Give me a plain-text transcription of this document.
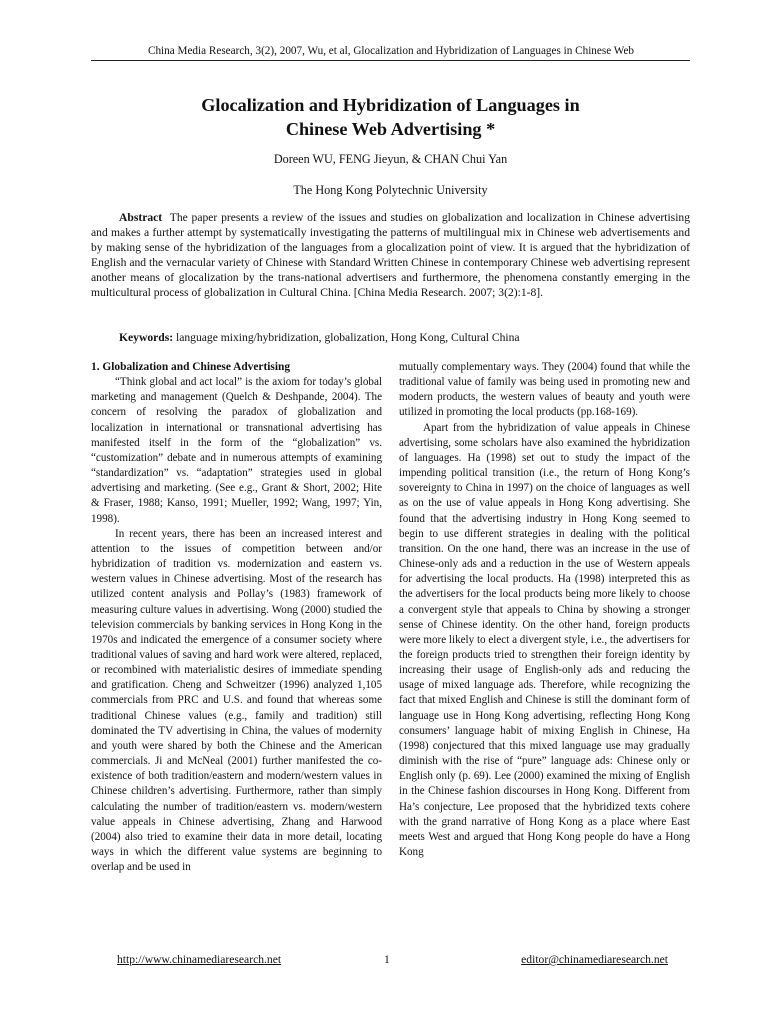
China Media Research, 3(2), 2007, Wu, et al, Glocalization and Hybridization of Languages in Chinese Web
Glocalization and Hybridization of Languages in
Chinese Web Advertising *
Doreen WU, FENG Jieyun, & CHAN Chui Yan
The Hong Kong Polytechnic University

Abstract The paper presents a review of the issues and studies on globalization and localization in Chinese advertising and makes a further attempt by systematically investigating the patterns of multilingual mix in Chinese web advertisements and by making sense of the hybridization of the languages from a glocalization point of view. It is argued that the hybridization of English and the vernacular variety of Chinese with Standard Written Chinese in contemporary Chinese web advertising represent another means of glocalization by the trans-national advertisers and furthermore, the phenomena constantly emerging in the multicultural process of globalization in Cultural China. [China Media Research. 2007; 3(2):1-8].

Keywords: language mixing/hybridization, globalization, Hong Kong, Cultural China

1. Globalization and Chinese Advertising

“Think global and act local” is the axiom for today’s global marketing and management (Quelch & Deshpande, 2004). The concern of resolving the paradox of globalization and localization in international or transnational advertising has manifested itself in the form of the “globalization” vs. “customization” debate and in numerous attempts of examining “standardization” vs. “adaptation” strategies used in global advertising and marketing. (See e.g., Grant & Short, 2002; Hite & Fraser, 1988; Kanso, 1991; Mueller, 1992; Wang, 1997; Yin, 1998).

In recent years, there has been an increased interest and attention to the issues of competition between and/or hybridization of tradition vs. modernization and eastern vs. western values in Chinese advertising. Most of the research has utilized content analysis and Pollay’s (1983) framework of measuring culture values in advertising. Wong (2000) studied the television commercials by banking services in Hong Kong in the 1970s and indicated the emergence of a consumer society where traditional values of saving and hard work were altered, replaced, or recombined with materialistic desires of immediate spending and gratification. Cheng and Schweitzer (1996) analyzed 1,105 commercials from PRC and U.S. and found that whereas some traditional Chinese values (e.g., family and tradition) still dominated the TV advertising in China, the values of modernity and youth were shared by both the Chinese and the American commercials. Ji and McNeal (2001) further manifested the co-existence of both tradition/eastern and modern/western values in Chinese children’s advertising. Furthermore, rather than simply calculating the number of tradition/eastern vs. modern/western value appeals in Chinese advertising, Zhang and Harwood (2004) also tried to examine their data in more detail, locating ways in which the different value systems are beginning to overlap and be used in

mutually complementary ways. They (2004) found that while the traditional value of family was being used in promoting new and modern products, the western values of beauty and youth were utilized in promoting the local products (pp.168-169).

Apart from the hybridization of value appeals in Chinese advertising, some scholars have also examined the hybridization of languages. Ha (1998) set out to study the impact of the impending political transition (i.e., the return of Hong Kong’s sovereignty to China in 1997) on the choice of languages as well as on the use of value appeals in Hong Kong advertising. She found that the advertising industry in Hong Kong seemed to begin to use different strategies in dealing with the political transition. On the one hand, there was an increase in the use of Chinese-only ads and a reduction in the use of Western appeals for advertising the local products. Ha (1998) interpreted this as the advertisers for the local products being more likely to choose a convergent style that appeals to China by showing a stronger sense of Chinese identity. On the other hand, foreign products were more likely to elect a divergent style, i.e., the advertisers for the foreign products tried to strengthen their foreign identity by increasing their usage of English-only ads and reducing the usage of mixed language ads. Therefore, while recognizing the fact that mixed English and Chinese is still the dominant form of language use in Hong Kong advertising, reflecting Hong Kong consumers’ language habit of mixing English in Chinese, Ha (1998) conjectured that this mixed language use may gradually diminish with the rise of “pure” language ads: Chinese only or English only (p. 69). Lee (2000) examined the mixing of English in the Chinese fashion discourses in Hong Kong. Different from Ha’s conjecture, Lee proposed that the hybridized texts cohere with the grand narrative of Hong Kong as a place where East meets West and argued that Hong Kong people do have a Hong Kong

http://www.chinamediaresearch.net	1	editor@chinamediaresearch.net
